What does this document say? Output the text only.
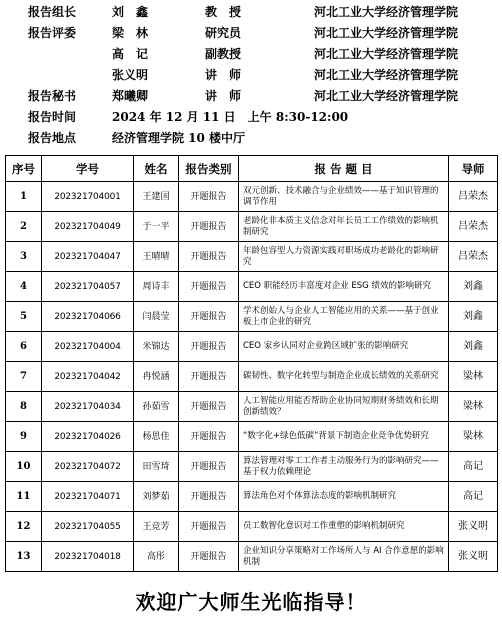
报告组长	刘　鑫	教　授	河北工业大学经济管理学院
报告评委	梁　林	研究员	河北工业大学经济管理学院
高　记	副教授	河北工业大学经济管理学院
张义明	讲　师	河北工业大学经济管理学院
报告秘书	郑曦卿	讲　师	河北工业大学经济管理学院
报告时间	2024 年 12 月 11 日　上午 8:30-12:00
报告地点	经济管理学院 10 楼中厅
序号	学号	姓名	报告类别	报 告 题 目	导师
1	202321704001	王建国	开题报告	双元创新、技术融合与企业绩效——基于知识管理的调节作用	吕荣杰
2	202321704049	于一平	开题报告	老龄化非本质主义信念对年长员工工作绩效的影响机制研究	吕荣杰
3	202321704047	王晴晴	开题报告	年龄包容型人力资源实践对职场成功老龄化的影响研究	吕荣杰
4	202321704057	周诗丰	开题报告	CEO 职能经历丰富度对企业 ESG 绩效的影响研究	刘鑫
5	202321704066	闫晨莹	开题报告	学术创始人与企业人工智能应用的关系——基于创业板上市企业的研究	刘鑫
6	202321704004	米锦达	开题报告	CEO 家乡认同对企业跨区域扩张的影响研究	刘鑫
7	202321704042	冉悦涵	开题报告	碳韧性、数字化转型与制造企业成长绩效的关系研究	梁林
8	202321704034	孙茹雪	开题报告	人工智能应用能否帮助企业协同短期财务绩效和长期创新绩效？	梁林
9	202321704026	杨思佳	开题报告	“数字化+绿色低碳”背景下制造企业竞争优势研究	梁林
10	202321704072	田雪琦	开题报告	算法管理对零工工作者主动服务行为的影响研究——基于权力依赖理论	高记
11	202321704071	刘梦茹	开题报告	算法角色对个体算法态度的影响机制研究	高记
12	202321704055	王竞芳	开题报告	员工数智化意识对工作重塑的影响机制研究	张义明
13	202321704018	高彤	开题报告	企业知识分享策略对工作场所人与 AI 合作意愿的影响机制	张义明
欢迎广大师生光临指导！
